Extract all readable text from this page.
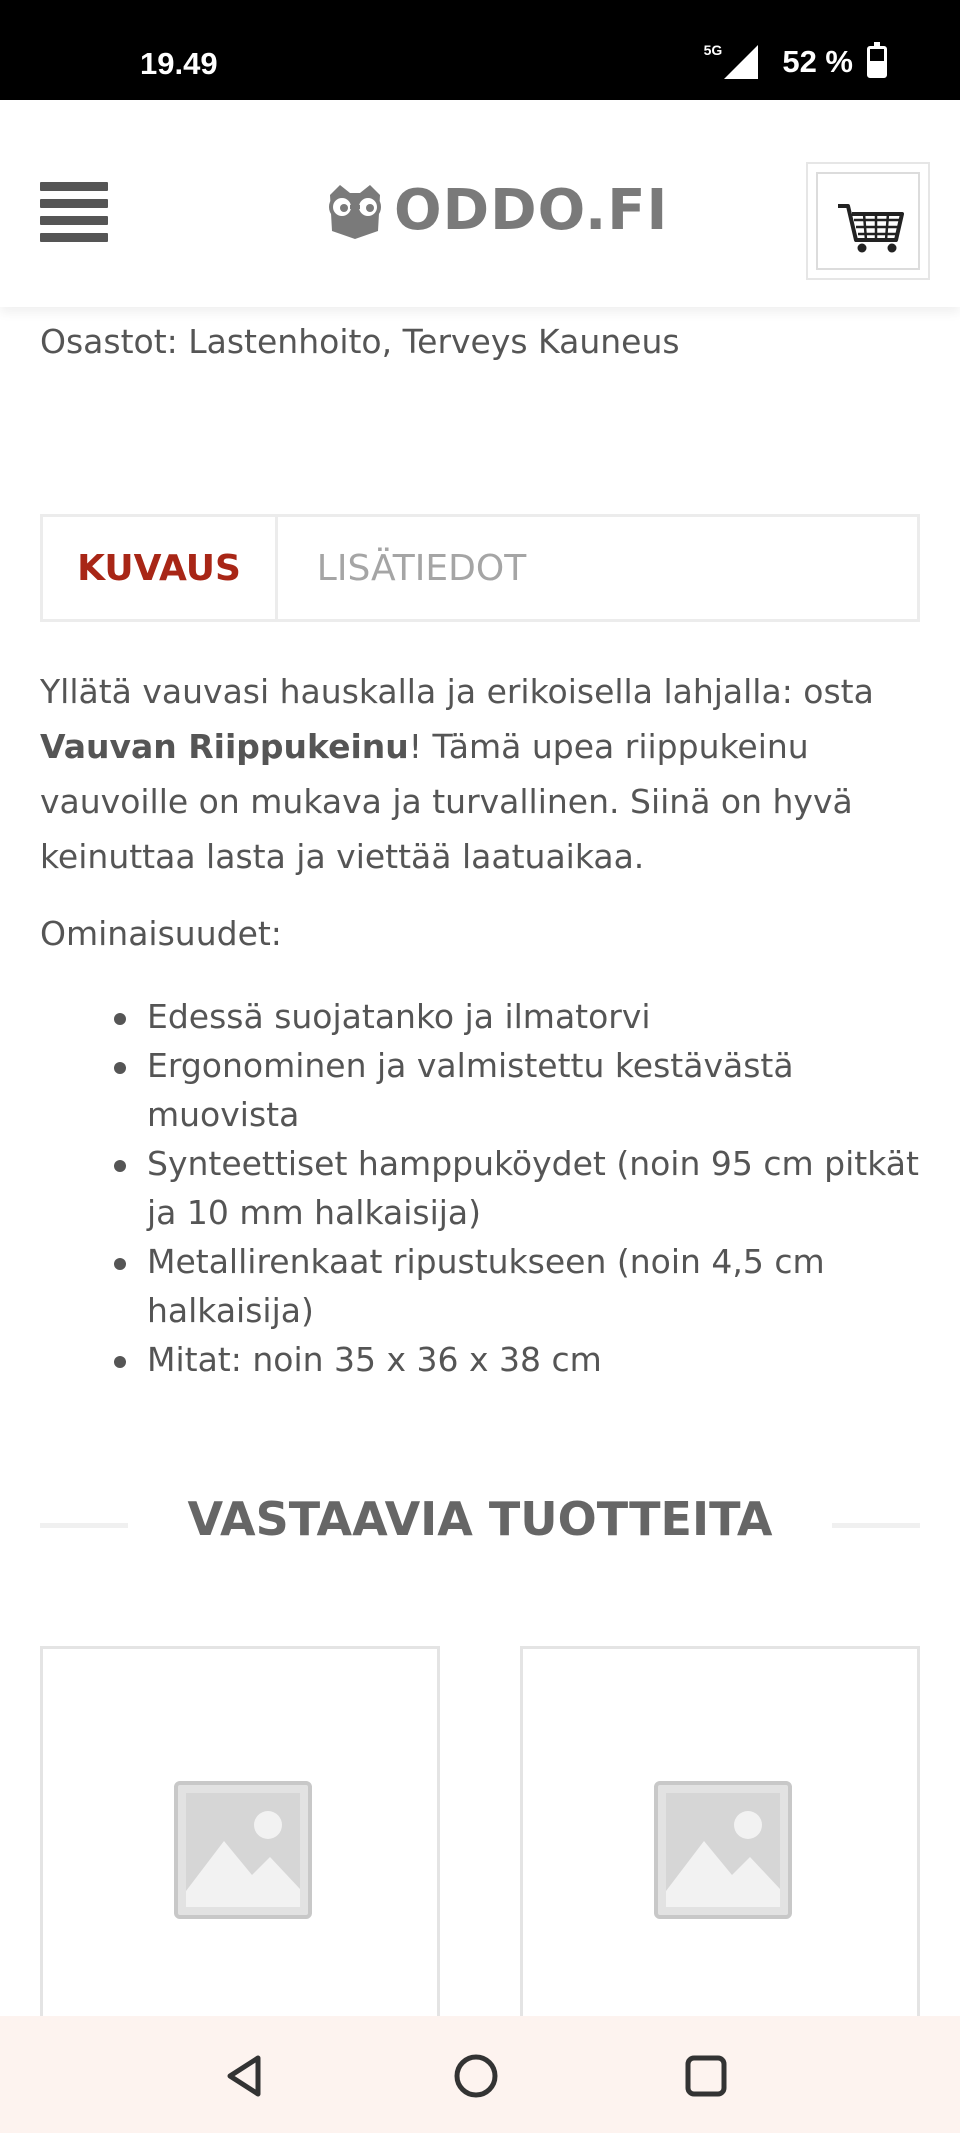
19.49	5G 52 %
ODDO.FI
Osastot: Lastenhoito, Terveys Kauneus
KUVAUS	LISÄTIEDOT
Yllätä vauvasi hauskalla ja erikoisella lahjalla: osta Vauvan Riippukeinu! Tämä upea riippukeinu vauvoille on mukava ja turvallinen. Siinä on hyvä keinuttaa lasta ja viettää laatuaikaa.
Ominaisuudet:
Edessä suojatanko ja ilmatorvi
Ergonominen ja valmistettu kestävästä muovista
Synteettiset hamppuköydet (noin 95 cm pitkät ja 10 mm halkaisija)
Metallirenkaat ripustukseen (noin 4,5 cm halkaisija)
Mitat: noin 35 x 36 x 38 cm
VASTAAVIA TUOTTEITA
